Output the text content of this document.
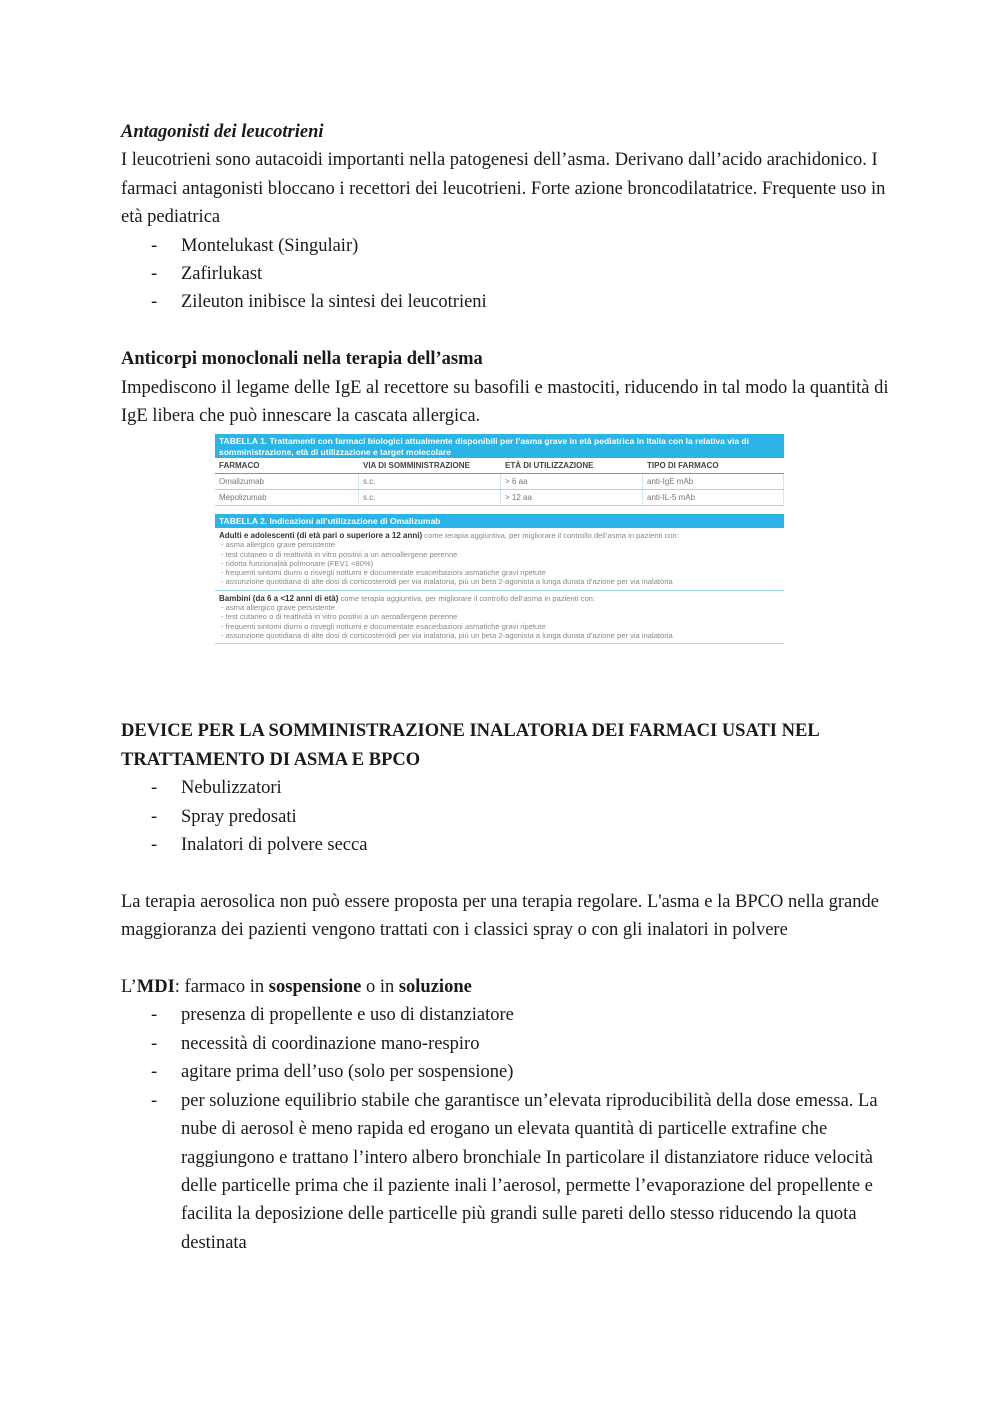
Antagonisti dei leucotrieni

I leucotrieni sono autacoidi importanti nella patogenesi dell’asma. Derivano dall’acido arachidonico. I farmaci antagonisti bloccano i recettori dei leucotrieni. Forte azione broncodilatatrice. Frequente uso in età pediatrica

- Montelukast (Singulair)
- Zafirlukast
- Zileuton inibisce la sintesi dei leucotrieni

Anticorpi monoclonali nella terapia dell’asma

Impediscono il legame delle IgE al recettore su basofili e mastociti, riducendo in tal modo la quantità di IgE libera che può innescare la cascata allergica.

DEVICE PER LA SOMMINISTRAZIONE INALATORIA DEI FARMACI USATI NEL TRATTAMENTO DI ASMA E BPCO

- Nebulizzatori
- Spray predosati
- Inalatori di polvere secca

La terapia aerosolica non può essere proposta per una terapia regolare. L'asma e la BPCO nella grande maggioranza dei pazienti vengono trattati con i classici spray o con gli inalatori in polvere

L’MDI: farmaco in sospensione o in soluzione

- presenza di propellente e uso di distanziatore
- necessità di coordinazione mano-respiro
- agitare prima dell’uso (solo per sospensione)
- per soluzione equilibrio stabile che garantisce un’elevata riproducibilità della dose emessa. La nube di aerosol è meno rapida ed erogano un elevata quantità di particelle extrafine che raggiungono e trattano l’intero albero bronchiale In particolare il distanziatore riduce velocità delle particelle prima che il paziente inali l’aerosol, permette l’evaporazione del propellente e facilita la deposizione delle particelle più grandi sulle pareti dello stesso riducendo la quota destinata
TABELLA 1. Trattamenti con farmaci biologici attualmente disponibili per l’asma grave in età pediatrica in Italia con la relativa via di somministrazione, età di utilizzazione e target molecolare
FARMACO	VIA DI SOMMINISTRAZIONE	ETÀ DI UTILIZZAZIONE	TIPO DI FARMACO
Omalizumab	s.c.	> 6 aa	anti-IgE mAb
Mepolizumab	s.c.	> 12 aa	anti-IL-5 mAb
TABELLA 2. Indicazioni all’utilizzazione di Omalizumab
Adulti e adolescenti (di età pari o superiore a 12 anni) come terapia aggiuntiva, per migliorare il controllo dell’asma in pazienti con:
- asma allergico grave persistente
- test cutaneo o di reattività in vitro positivi a un aeroallergene perenne
- ridotta funzionalità polmonare (FEV1 <80%)
- frequenti sintomi diurni o risvegli notturni e documentate esacerbazioni asmatiche gravi ripetute
- assunzione quotidiana di alte dosi di corticosteroidi per via inalatoria, più un beta 2-agonista a lunga durata d’azione per via inalatoria
Bambini (da 6 a <12 anni di età) come terapia aggiuntiva, per migliorare il controllo dell’asma in pazienti con:
- asma allergico grave persistente
- test cutaneo o di reattività in vitro positivi a un aeroallergene perenne
- frequenti sintomi diurni o risvegli notturni e documentate esacerbazioni asmatiche gravi ripetute
- assunzione quotidiana di alte dosi di corticosteroidi per via inalatoria, più un beta 2-agonista a lunga durata d’azione per via inalatoria
